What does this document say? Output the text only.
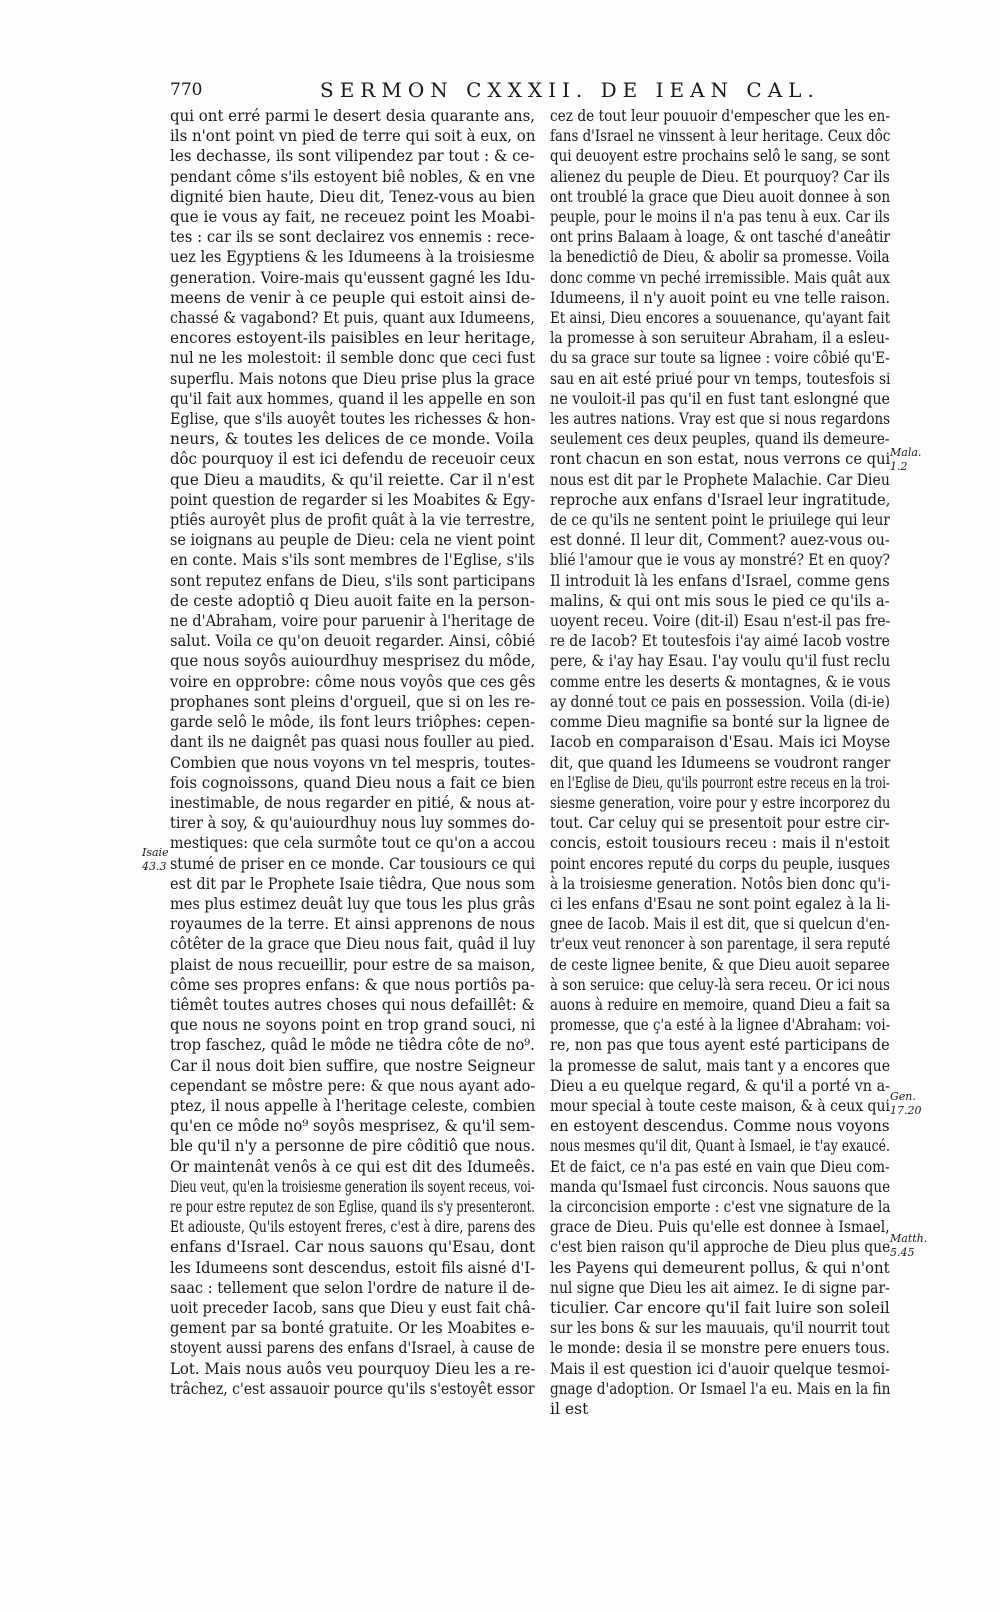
770	SERMON CXXXII. DE IEAN CAL.

qui ont erré parmi le desert desia quarante ans,

ils n'ont point vn pied de terre qui soit à eux, on

les dechasse, ils sont vilipendez par tout : & ce-

pendant côme s'ils estoyent biê nobles, & en vne

dignité bien haute, Dieu dit, Tenez-vous au bien

que ie vous ay fait, ne receuez point les Moabi-

tes : car ils se sont declairez vos ennemis : rece-

uez les Egyptiens & les Idumeens à la troisiesme

generation. Voire-mais qu'eussent gagné les Idu-

meens de venir à ce peuple qui estoit ainsi de-

chassé & vagabond? Et puis, quant aux Idumeens,

encores estoyent-ils paisibles en leur heritage,

nul ne les molestoit: il semble donc que ceci fust

superflu. Mais notons que Dieu prise plus la grace

qu'il fait aux hommes, quand il les appelle en son

Eglise, que s'ils auoyêt toutes les richesses & hon-

neurs, & toutes les delices de ce monde. Voila

dôc pourquoy il est ici defendu de receuoir ceux

que Dieu a maudits, & qu'il reiette. Car il n'est

point question de regarder si les Moabites & Egy-

ptiês auroyêt plus de profit quât à la vie terrestre,

se ioignans au peuple de Dieu: cela ne vient point

en conte. Mais s'ils sont membres de l'Eglise, s'ils

sont reputez enfans de Dieu, s'ils sont participans

de ceste adoptiô q Dieu auoit faite en la person-

ne d'Abraham, voire pour paruenir à l'heritage de

salut. Voila ce qu'on deuoit regarder. Ainsi, côbié

que nous soyôs auiourdhuy mesprisez du môde,

voire en opprobre: côme nous voyôs que ces gês

prophanes sont pleins d'orgueil, que si on les re-

garde selô le môde, ils font leurs triôphes: cepen-

dant ils ne daignêt pas quasi nous fouller au pied.

Combien que nous voyons vn tel mespris, toutes-

fois cognoissons, quand Dieu nous a fait ce bien

inestimable, de nous regarder en pitié, & nous at-

tirer à soy, & qu'auiourdhuy nous luy sommes do-

mestiques: que cela surmôte tout ce qu'on a accou

stumé de priser en ce monde. Car tousiours ce qui

est dit par le Prophete Isaie tiêdra, Que nous som

mes plus estimez deuât luy que tous les plus grâs

royaumes de la terre. Et ainsi apprenons de nous

côtêter de la grace que Dieu nous fait, quâd il luy

plaist de nous recueillir, pour estre de sa maison,

côme ses propres enfans: & que nous portiôs pa-

tiêmêt toutes autres choses qui nous defaillêt: &

que nous ne soyons point en trop grand souci, ni

trop faschez, quâd le môde ne tiêdra côte de no⁹.

Car il nous doit bien suffire, que nostre Seigneur

cependant se môstre pere: & que nous ayant ado-

ptez, il nous appelle à l'heritage celeste, combien

qu'en ce môde no⁹ soyôs mesprisez, & qu'il sem-

ble qu'il n'y a personne de pire côditiô que nous.

Or maintenât venôs à ce qui est dit des Idumeês.

Dieu veut, qu'en la troisiesme generation ils soyent receus, voi-

re pour estre reputez de son Eglise, quand ils s'y presenteront.

Et adiouste, Qu'ils estoyent freres, c'est à dire, parens des

enfans d'Israel. Car nous sauons qu'Esau, dont

les Idumeens sont descendus, estoit fils aisné d'I-

saac : tellement que selon l'ordre de nature il de-

uoit preceder Iacob, sans que Dieu y eust fait châ-

gement par sa bonté gratuite. Or les Moabites e-

stoyent aussi parens des enfans d'Israel, à cause de

Lot. Mais nous auôs veu pourquoy Dieu les a re-

trâchez, c'est assauoir pource qu'ils s'estoyêt essor

cez de tout leur pouuoir d'empescher que les en-

fans d'Israel ne vinssent à leur heritage. Ceux dôc

qui deuoyent estre prochains selô le sang, se sont

alienez du peuple de Dieu. Et pourquoy? Car ils

ont troublé la grace que Dieu auoit donnee à son

peuple, pour le moins il n'a pas tenu à eux. Car ils

ont prins Balaam à loage, & ont tasché d'aneâtir

la benedictiô de Dieu, & abolir sa promesse. Voila

donc comme vn peché irremissible. Mais quât aux

Idumeens, il n'y auoit point eu vne telle raison.

Et ainsi, Dieu encores a souuenance, qu'ayant fait

la promesse à son seruiteur Abraham, il a esleu-

du sa grace sur toute sa lignee : voire côbié qu'E-

sau en ait esté priué pour vn temps, toutesfois si

ne vouloit-il pas qu'il en fust tant eslongné que

les autres nations. Vray est que si nous regardons

seulement ces deux peuples, quand ils demeure-

ront chacun en son estat, nous verrons ce qui

nous est dit par le Prophete Malachie. Car Dieu

reproche aux enfans d'Israel leur ingratitude,

de ce qu'ils ne sentent point le priuilege qui leur

est donné. Il leur dit, Comment? auez-vous ou-

blié l'amour que ie vous ay monstré? Et en quoy?

Il introduit là les enfans d'Israel, comme gens

malins, & qui ont mis sous le pied ce qu'ils a-

uoyent receu. Voire (dit-il) Esau n'est-il pas fre-

re de Iacob? Et toutesfois i'ay aimé Iacob vostre

pere, & i'ay hay Esau. I'ay voulu qu'il fust reclu

comme entre les deserts & montagnes, & ie vous

ay donné tout ce pais en possession. Voila (di-ie)

comme Dieu magnifie sa bonté sur la lignee de

Iacob en comparaison d'Esau. Mais ici Moyse

dit, que quand les Idumeens se voudront ranger

en l'Eglise de Dieu, qu'ils pourront estre receus en la troi-

siesme generation, voire pour y estre incorporez du

tout. Car celuy qui se presentoit pour estre cir-

concis, estoit tousiours receu : mais il n'estoit

point encores reputé du corps du peuple, iusques

à la troisiesme generation. Notôs bien donc qu'i-

ci les enfans d'Esau ne sont point egalez à la li-

gnee de Iacob. Mais il est dit, que si quelcun d'en-

tr'eux veut renoncer à son parentage, il sera reputé

de ceste lignee benite, & que Dieu auoit separee

à son seruice: que celuy-là sera receu. Or ici nous

auons à reduire en memoire, quand Dieu a fait sa

promesse, que ç'a esté à la lignee d'Abraham: voi-

re, non pas que tous ayent esté participans de

la promesse de salut, mais tant y a encores que

Dieu a eu quelque regard, & qu'il a porté vn a-

mour special à toute ceste maison, & à ceux qui

en estoyent descendus. Comme nous voyons

nous mesmes qu'il dit, Quant à Ismael, ie t'ay exaucé.

Et de faict, ce n'a pas esté en vain que Dieu com-

manda qu'Ismael fust circoncis. Nous sauons que

la circoncision emporte : c'est vne signature de la

grace de Dieu. Puis qu'elle est donnee à Ismael,

c'est bien raison qu'il approche de Dieu plus que

les Payens qui demeurent pollus, & qui n'ont

nul signe que Dieu les ait aimez. Ie di signe par-

ticulier. Car encore qu'il fait luire son soleil

sur les bons & sur les mauuais, qu'il nourrit tout

le monde: desia il se monstre pere enuers tous.

Mais il est question ici d'auoir quelque tesmoi-

gnage d'adoption. Or Ismael l'a eu. Mais en la fin

il est

Isaie
43.3
Mala.
1.2
Gen.
17.20
Matth.
5.45
